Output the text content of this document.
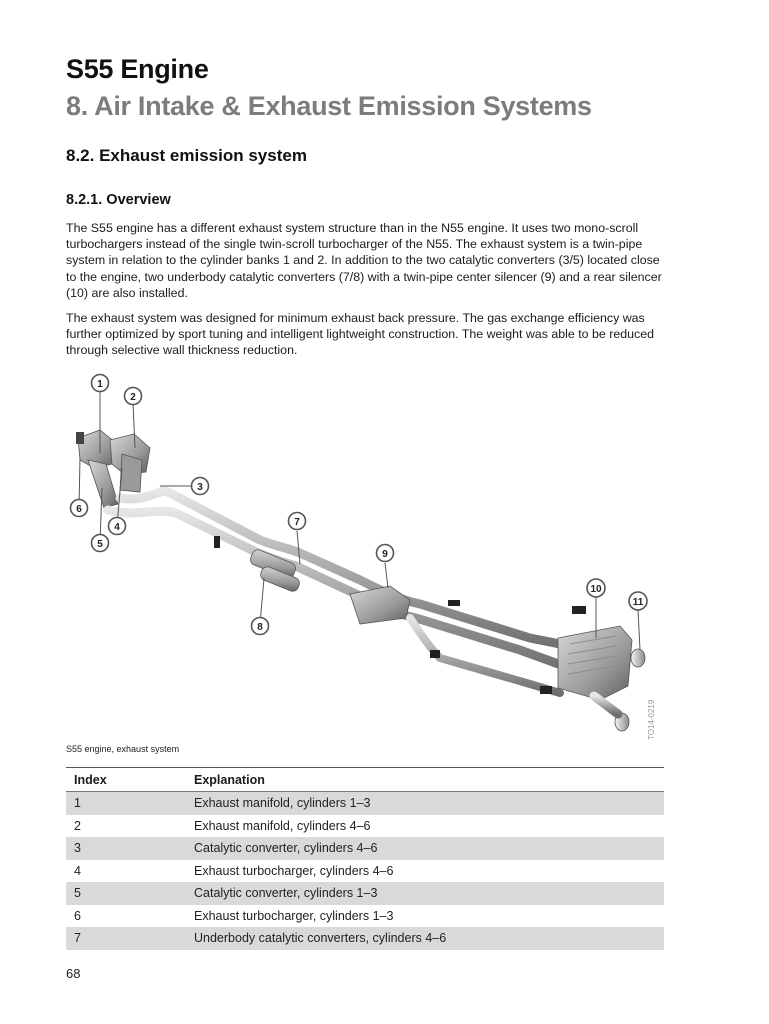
S55 Engine
8. Air Intake & Exhaust Emission Systems
8.2. Exhaust emission system
8.2.1. Overview

The S55 engine has a different exhaust system structure than in the N55 engine. It uses two mono-scroll turbochargers instead of the single twin-scroll turbocharger of the N55. The exhaust system is a twin-pipe system in relation to the cylinder banks 1 and 2. In addition to the two catalytic converters (3/5) located close to the engine, two underbody catalytic converters (7/8) with a twin-pipe center silencer (9) and a rear silencer (10) are also installed.

The exhaust system was designed for minimum exhaust back pressure. The gas exchange efficiency was further optimized by sport tuning and intelligent lightweight construction. The weight was able to be reduced through selective wall thickness reduction.

1
2
3
4
5
6
7
8
9
10
11
TO14-0219
S55 engine, exhaust system
Index	Explanation
1	Exhaust manifold, cylinders 1–3
2	Exhaust manifold, cylinders 4–6
3	Catalytic converter, cylinders 4–6
4	Exhaust turbocharger, cylinders 4–6
5	Catalytic converter, cylinders 1–3
6	Exhaust turbocharger, cylinders 1–3
7	Underbody catalytic converters, cylinders 4–6
68
